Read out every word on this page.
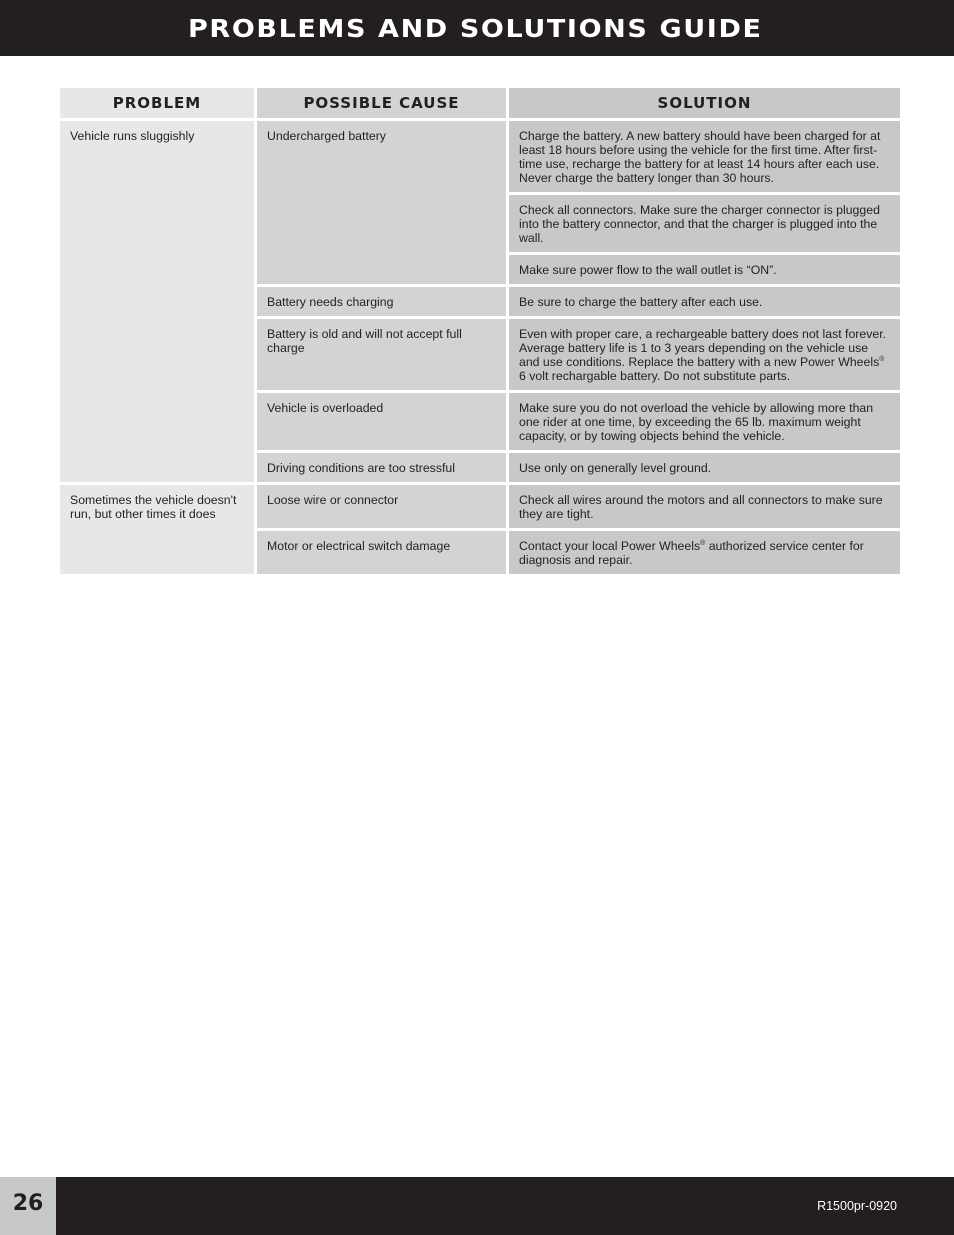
PROBLEMS AND SOLUTIONS GUIDE
PROBLEM	POSSIBLE CAUSE	SOLUTION
Vehicle runs sluggishly	Undercharged battery	Charge the battery. A new battery should have been charged for at least 18 hours before using the vehicle for the first time. After first-time use, recharge the battery for at least 14 hours after each use. Never charge the battery longer than 30 hours.
		Check all connectors. Make sure the charger connector is plugged into the battery connector, and that the charger is plugged into the wall.
		Make sure power flow to the wall outlet is “ON”.
	Battery needs charging	Be sure to charge the battery after each use.
	Battery is old and will not accept full charge	Even with proper care, a rechargeable battery does not last forever. Average battery life is 1 to 3 years depending on the vehicle use and use conditions. Replace the battery with a new Power Wheels® 6 volt rechargable battery. Do not substitute parts.
	Vehicle is overloaded	Make sure you do not overload the vehicle by allowing more than one rider at one time, by exceeding the 65 lb. maximum weight capacity, or by towing objects behind the vehicle.
	Driving conditions are too stressful	Use only on generally level ground.
Sometimes the vehicle doesn't run, but other times it does	Loose wire or connector	Check all wires around the motors and all connectors to make sure they are tight.
	Motor or electrical switch damage	Contact your local Power Wheels® authorized service center for diagnosis and repair.
26	R1500pr-0920
